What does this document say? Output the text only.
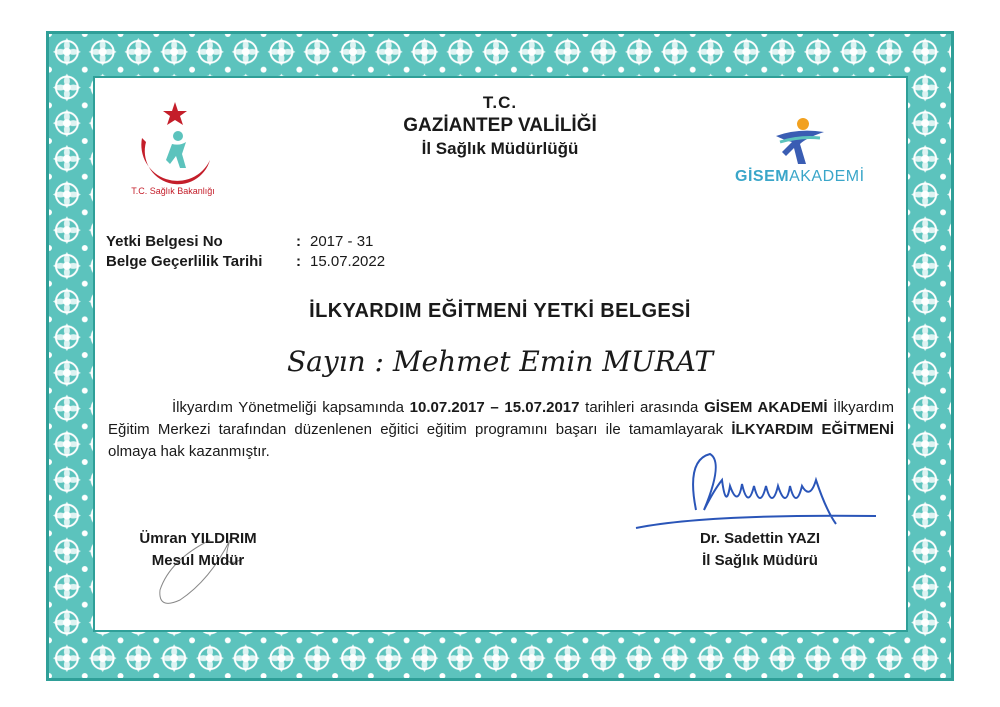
T.C. Sağlık Bakanlığı
GİSEMAKADEMİ
T.C.
GAZİANTEP VALİLİĞİ
İl Sağlık Müdürlüğü
Yetki Belgesi No	: 2017 - 31
Belge Geçerlilik Tarihi	: 15.07.2022
İLKYARDIM EĞİTMENİ YETKİ BELGESİ
Sayın : Mehmet Emin MURAT
İlkyardım Yönetmeliği kapsamında 10.07.2017 – 15.07.2017 tarihleri arasında GİSEM AKADEMİ İlkyardım Eğitim Merkezi tarafından düzenlenen eğitici eğitim programını başarı ile tamamlayarak İLKYARDIM EĞİTMENİ olmaya hak kazanmıştır.
Ümran YILDIRIM
Mesul Müdür
Dr. Sadettin YAZI
İl Sağlık Müdürü
